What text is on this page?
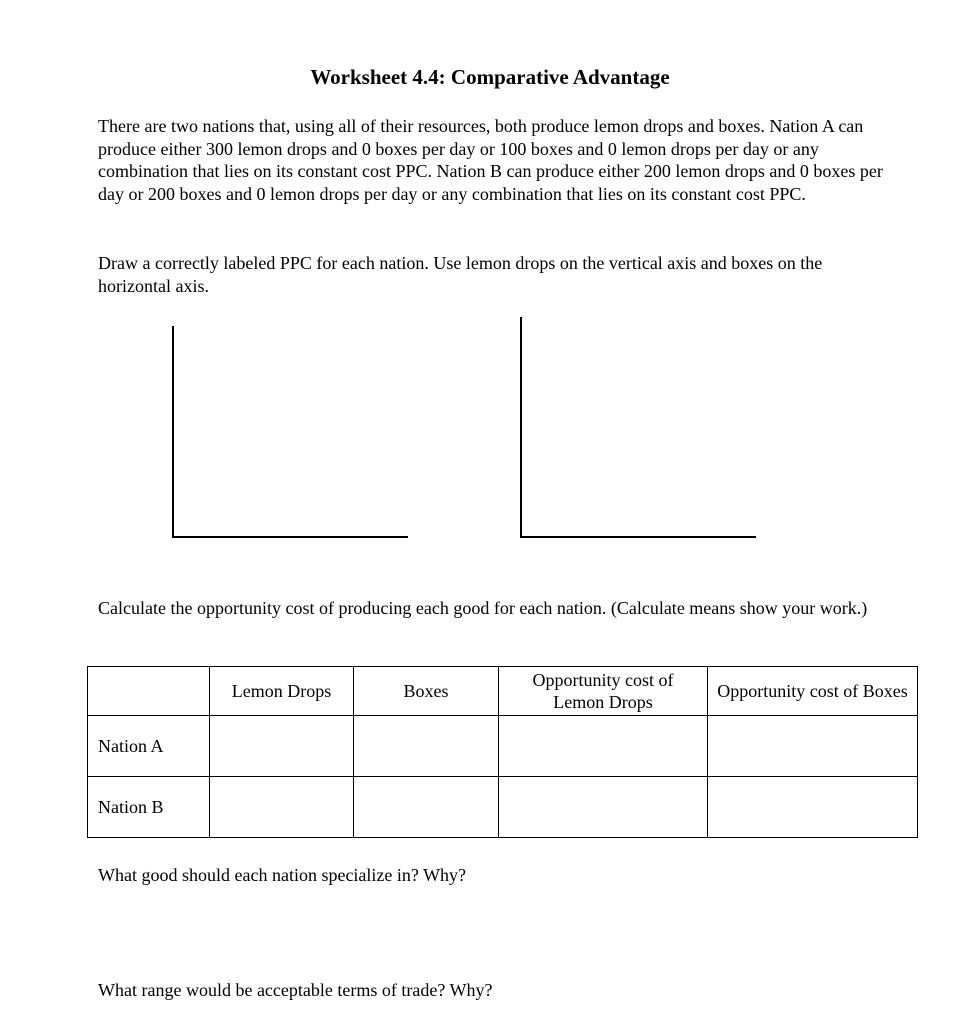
Worksheet 4.4: Comparative Advantage
There are two nations that, using all of their resources, both produce lemon drops and boxes. Nation A can produce either 300 lemon drops and 0 boxes per day or 100 boxes and 0 lemon drops per day or any combination that lies on its constant cost PPC. Nation B can produce either 200 lemon drops and 0 boxes per day or 200 boxes and 0 lemon drops per day or any combination that lies on its constant cost PPC.
Draw a correctly labeled PPC for each nation. Use lemon drops on the vertical axis and boxes on the horizontal axis.
Calculate the opportunity cost of producing each good for each nation. (Calculate means show your work.)
	Lemon Drops	Boxes	Opportunity cost of Lemon Drops	Opportunity cost of Boxes
Nation A				
Nation B				
What good should each nation specialize in? Why?
What range would be acceptable terms of trade? Why?
